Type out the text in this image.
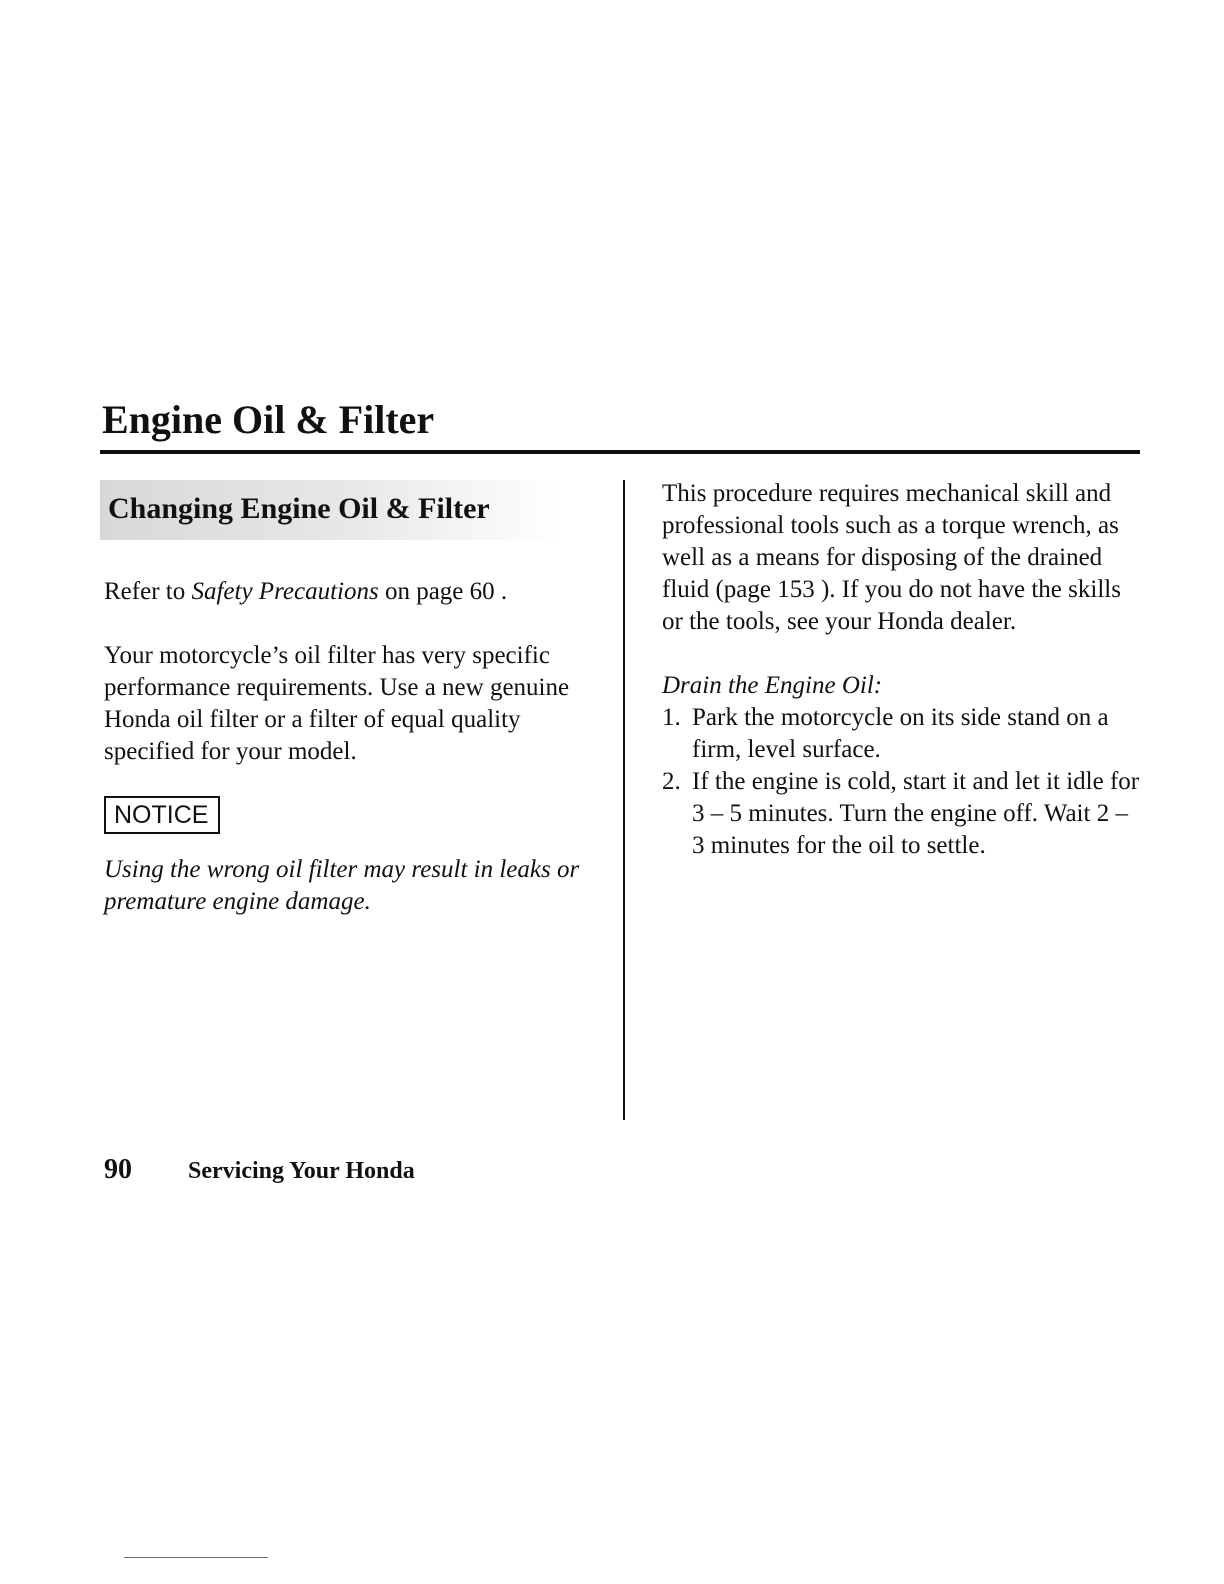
Engine Oil & Filter
Changing Engine Oil & Filter

Refer to Safety Precautions on page 60 .

Your motorcycle’s oil filter has very specific performance requirements. Use a new genuine Honda oil filter or a filter of equal quality specified for your model.

NOTICE

Using the wrong oil filter may result in leaks or premature engine damage.

This procedure requires mechanical skill and professional tools such as a torque wrench, as well as a means for disposing of the drained fluid (page 153 ). If you do not have the skills or the tools, see your Honda dealer.

Drain the Engine Oil:

1. Park the motorcycle on its side stand on a firm, level surface.
2. If the engine is cold, start it and let it idle for 3 – 5 minutes. Turn the engine off. Wait 2 – 3 minutes for the oil to settle.
90 Servicing Your Honda
